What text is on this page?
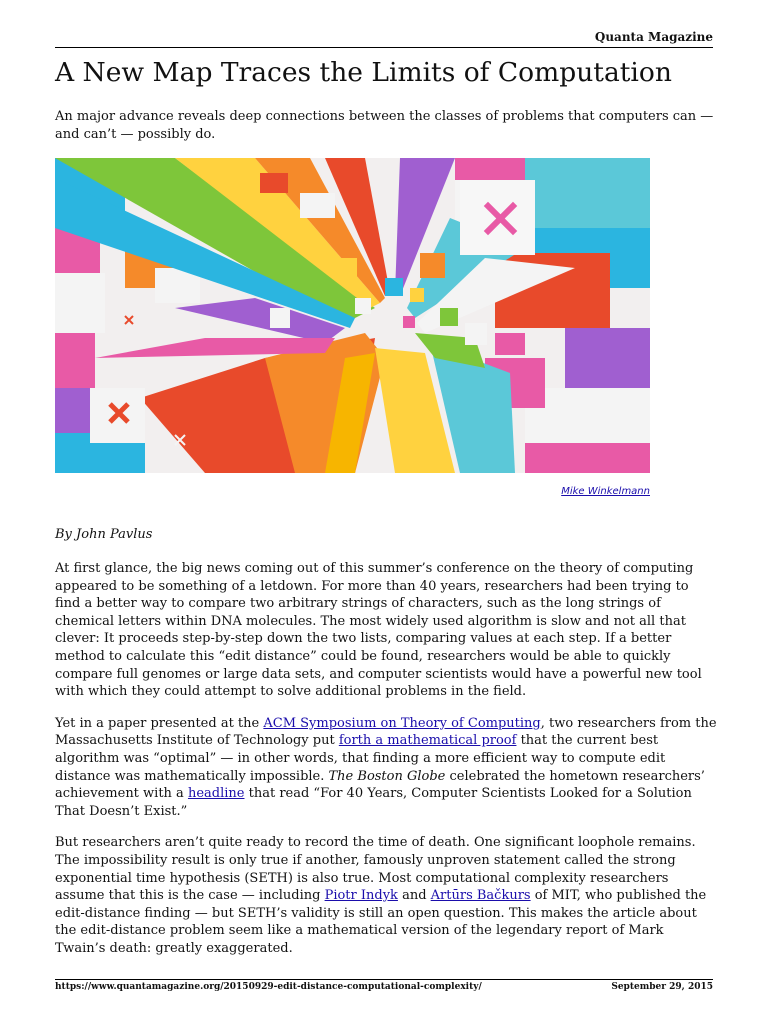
Quanta Magazine
A New Map Traces the Limits of Computation

An major advance reveals deep connections between the classes of problems that computers can — and can’t — possibly do.

Mike Winkelmann

By John Pavlus

At first glance, the big news coming out of this summer’s conference on the theory of computing appeared to be something of a letdown. For more than 40 years, researchers had been trying to find a better way to compare two arbitrary strings of characters, such as the long strings of chemical letters within DNA molecules. The most widely used algorithm is slow and not all that clever: It proceeds step-by-step down the two lists, comparing values at each step. If a better method to calculate this “edit distance” could be found, researchers would be able to quickly compare full genomes or large data sets, and computer scientists would have a powerful new tool with which they could attempt to solve additional problems in the field.

Yet in a paper presented at the ACM Symposium on Theory of Computing, two researchers from the Massachusetts Institute of Technology put forth a mathematical proof that the current best algorithm was “optimal” — in other words, that finding a more efficient way to compute edit distance was mathematically impossible. The Boston Globe celebrated the hometown researchers’ achievement with a headline that read “For 40 Years, Computer Scientists Looked for a Solution That Doesn’t Exist.”

But researchers aren’t quite ready to record the time of death. One significant loophole remains. The impossibility result is only true if another, famously unproven statement called the strong exponential time hypothesis (SETH) is also true. Most computational complexity researchers assume that this is the case — including Piotr Indyk and Artūrs Bačkurs of MIT, who published the edit-distance finding — but SETH’s validity is still an open question. This makes the article about the edit-distance problem seem like a mathematical version of the legendary report of Mark Twain’s death: greatly exaggerated.

https://www.quantamagazine.org/20150929-edit-distance-computational-complexity/	September 29, 2015
